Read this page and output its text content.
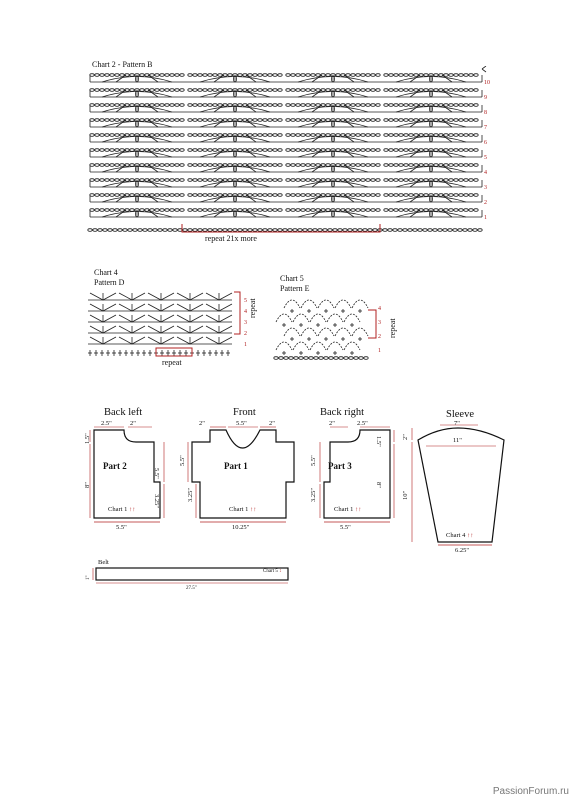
Chart 2 - Pattern B
1
2
3
4
5
6
7
8
9
10
repeat 21x more
Chart 4
Pattern D
1
2
3
4
5 repeat
repeat
Chart 5
Pattern E
1
2
3
4
repeat
Back left
2.5"	2"
1.5"
8"
5.5"
3.25"
Part 2
Chart 1 ↑↑
5.5"
Front
2"	5.5"	2"
5.5"
3.25"
Part 1
Chart 1 ↑↑
10.25"
Back right
2"	2.5"
5.5"
3.25"
1.5"
8"
Part 3
Chart 1 ↑↑
5.5"
Sleeve
7"
11"
2"
10"
Chart 4 ↑↑
6.25"
Belt
1"
Chart 5 ↕
27.5"
PassionForum.ru
